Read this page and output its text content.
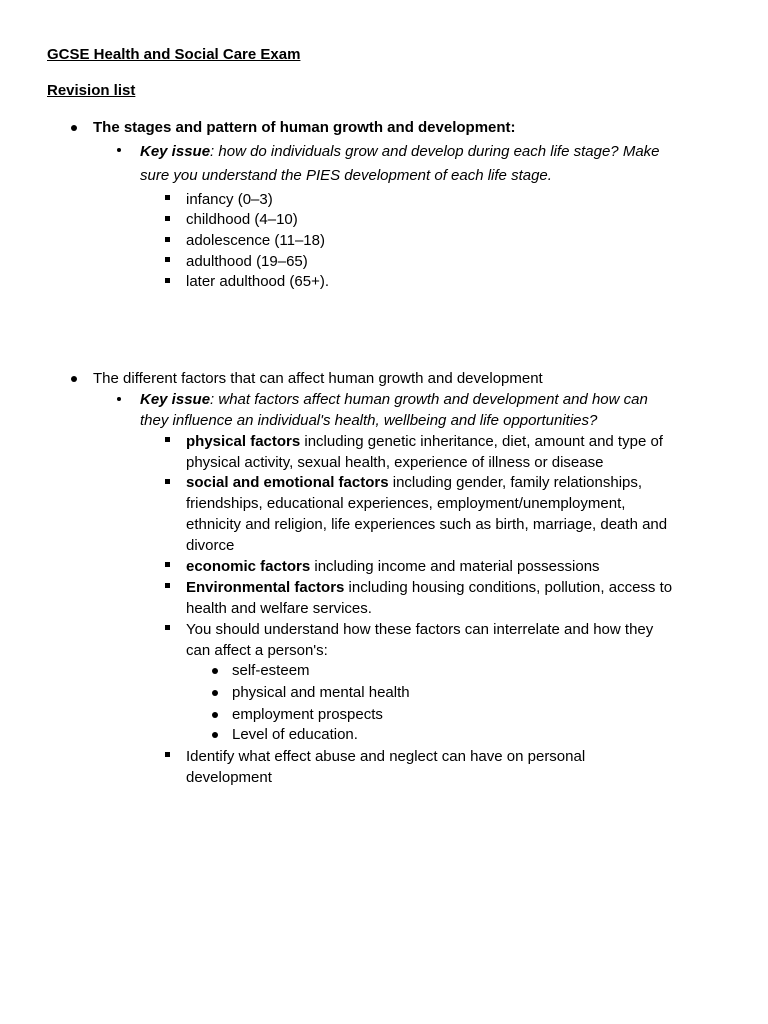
GCSE Health and Social Care Exam
Revision list
The stages and pattern of human growth and development:
Key issue: how do individuals grow and develop during each life stage? Make
sure you understand the PIES development of each life stage.
infancy (0–3)
childhood (4–10)
adolescence (11–18)
adulthood (19–65)
later adulthood (65+).
The different factors that can affect human growth and development
Key issue: what factors affect human growth and development and how can
they influence an individual's health, wellbeing and life opportunities?
physical factors including genetic inheritance, diet, amount and type of
physical activity, sexual health, experience of illness or disease
social and emotional factors including gender, family relationships,
friendships, educational experiences, employment/unemployment,
ethnicity and religion, life experiences such as birth, marriage, death and
divorce
economic factors including income and material possessions
Environmental factors including housing conditions, pollution, access to
health and welfare services.
You should understand how these factors can interrelate and how they
can affect a person's:
self-esteem
physical and mental health
employment prospects
Level of education.
Identify what effect abuse and neglect can have on personal
development
